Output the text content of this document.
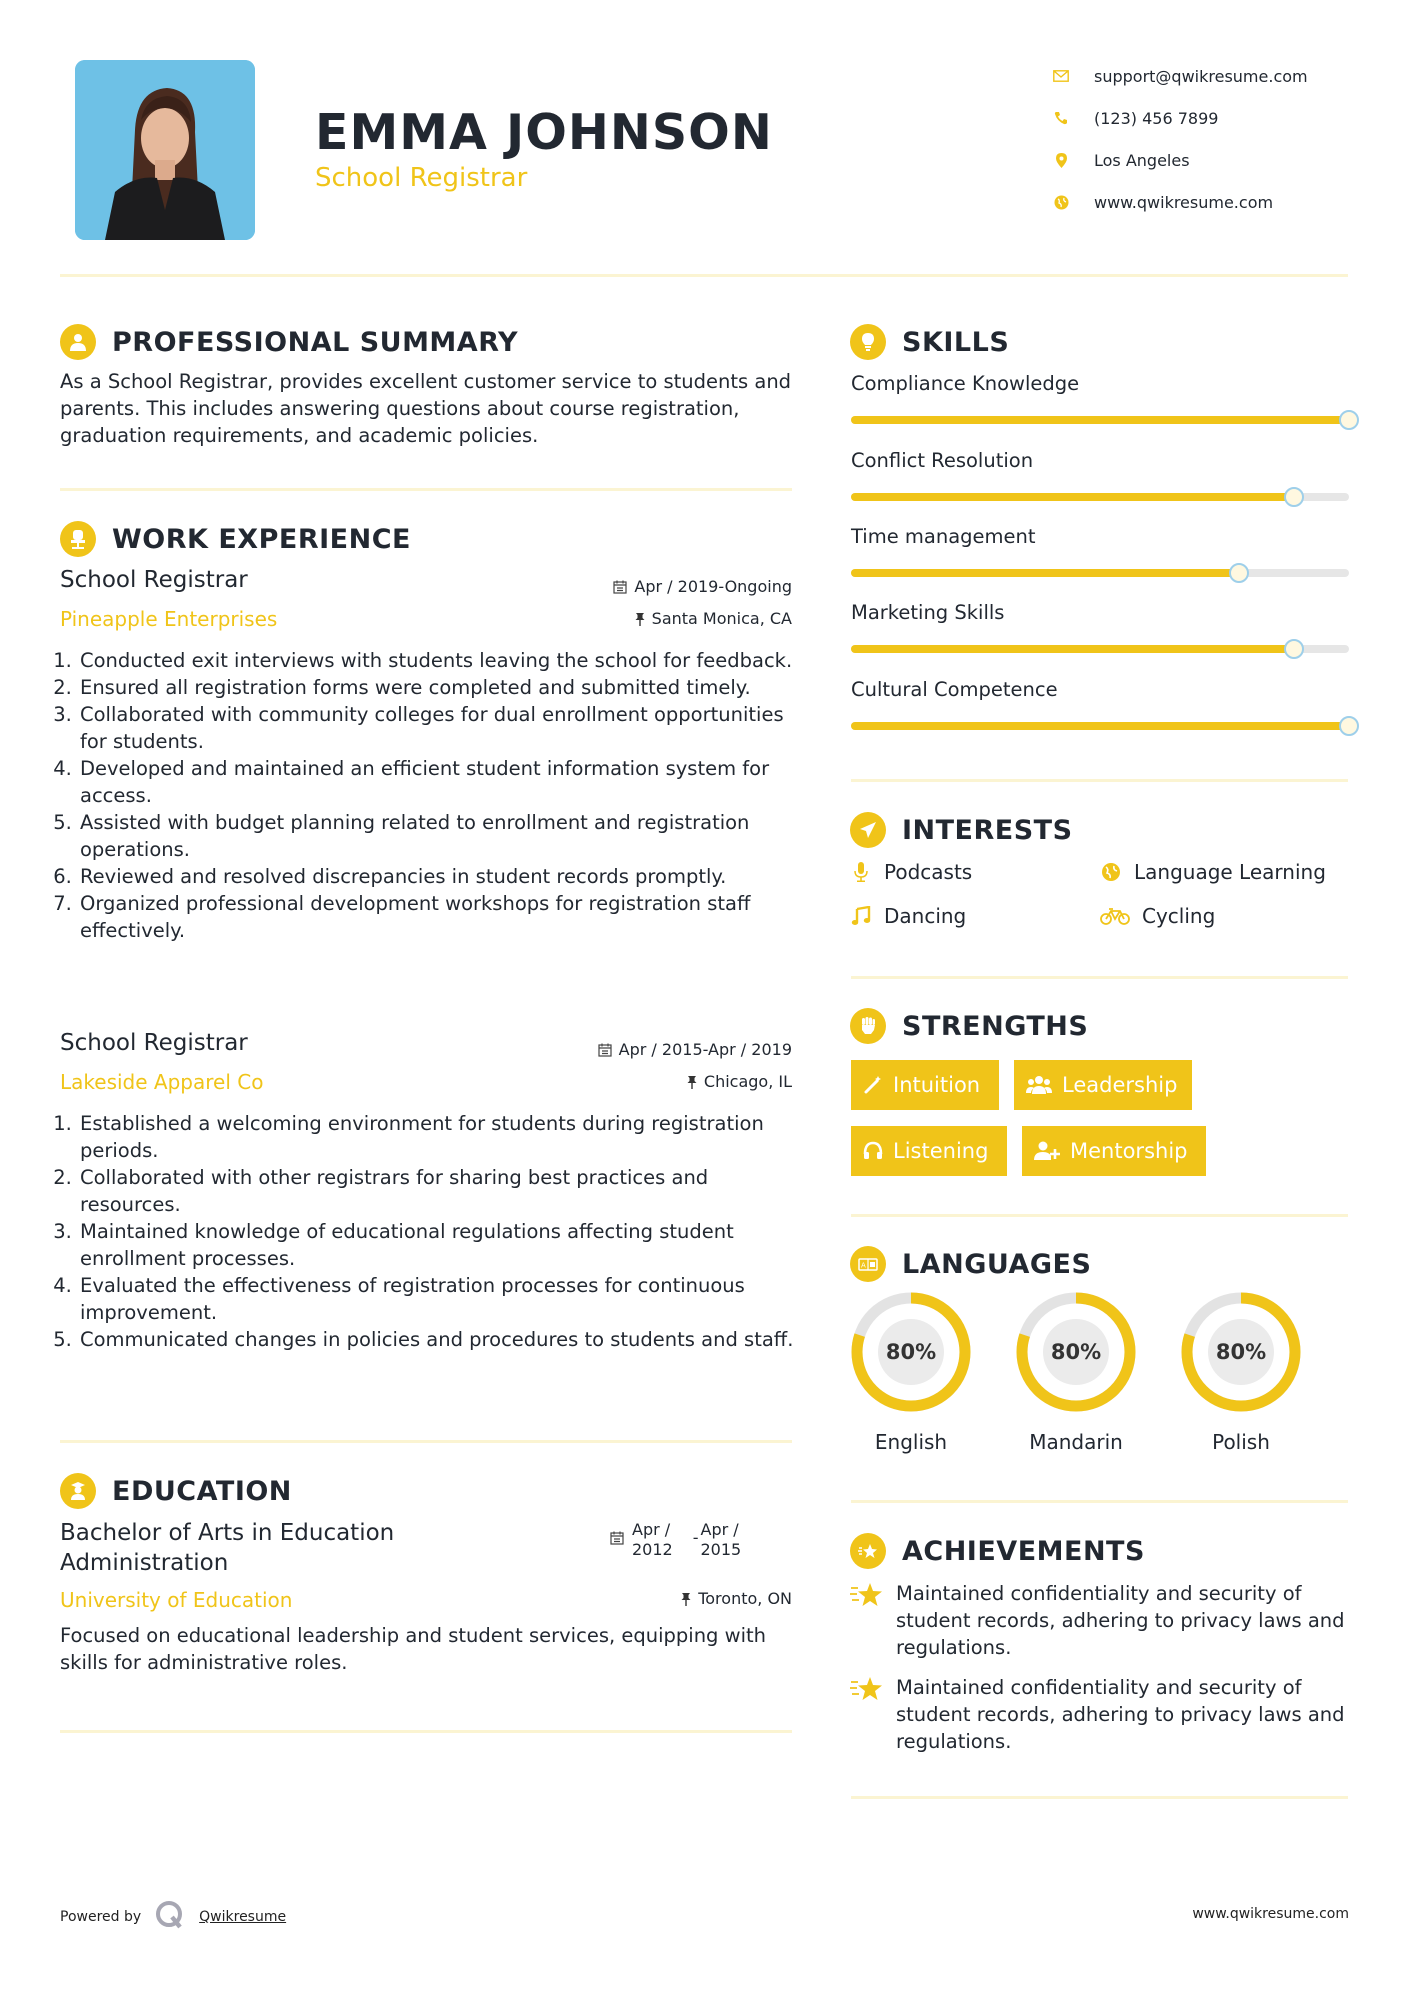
EMMA JOHNSON
School Registrar
support@qwikresume.com
(123) 456 7899
Los Angeles
www.qwikresume.com
PROFESSIONAL SUMMARY
As a School Registrar, provides excellent customer service to students and parents. This includes answering questions about course registration, graduation requirements, and academic policies.
WORK EXPERIENCE
School Registrar
Pineapple Enterprises
Apr / 2019-Ongoing
Santa Monica, CA
1. Conducted exit interviews with students leaving the school for feedback.
2. Ensured all registration forms were completed and submitted timely.
3. Collaborated with community colleges for dual enrollment opportunities for students.
4. Developed and maintained an efficient student information system for access.
5. Assisted with budget planning related to enrollment and registration operations.
6. Reviewed and resolved discrepancies in student records promptly.
7. Organized professional development workshops for registration staff effectively.
School Registrar
Lakeside Apparel Co
Apr / 2015-Apr / 2019
Chicago, IL
1. Established a welcoming environment for students during registration periods.
2. Collaborated with other registrars for sharing best practices and resources.
3. Maintained knowledge of educational regulations affecting student enrollment processes.
4. Evaluated the effectiveness of registration processes for continuous improvement.
5. Communicated changes in policies and procedures to students and staff.
EDUCATION
Bachelor of Arts in Education Administration
Apr /
2012
- Apr /
2015
University of Education	Toronto, ON
Focused on educational leadership and student services, equipping with skills for administrative roles.
SKILLS
Compliance Knowledge
Conflict Resolution
Time management
Marketing Skills
Cultural Competence
INTERESTS
Podcasts	Language Learning
Dancing	Cycling
STRENGTHS
Intuition	Leadership
Listening	Mentorship
A LANGUAGES
80%
English
80%
Mandarin
80%
Polish
ACHIEVEMENTS
Maintained confidentiality and security of student records, adhering to privacy laws and regulations.
Maintained confidentiality and security of student records, adhering to privacy laws and regulations.
Powered by	Qwikresume	www.qwikresume.com
